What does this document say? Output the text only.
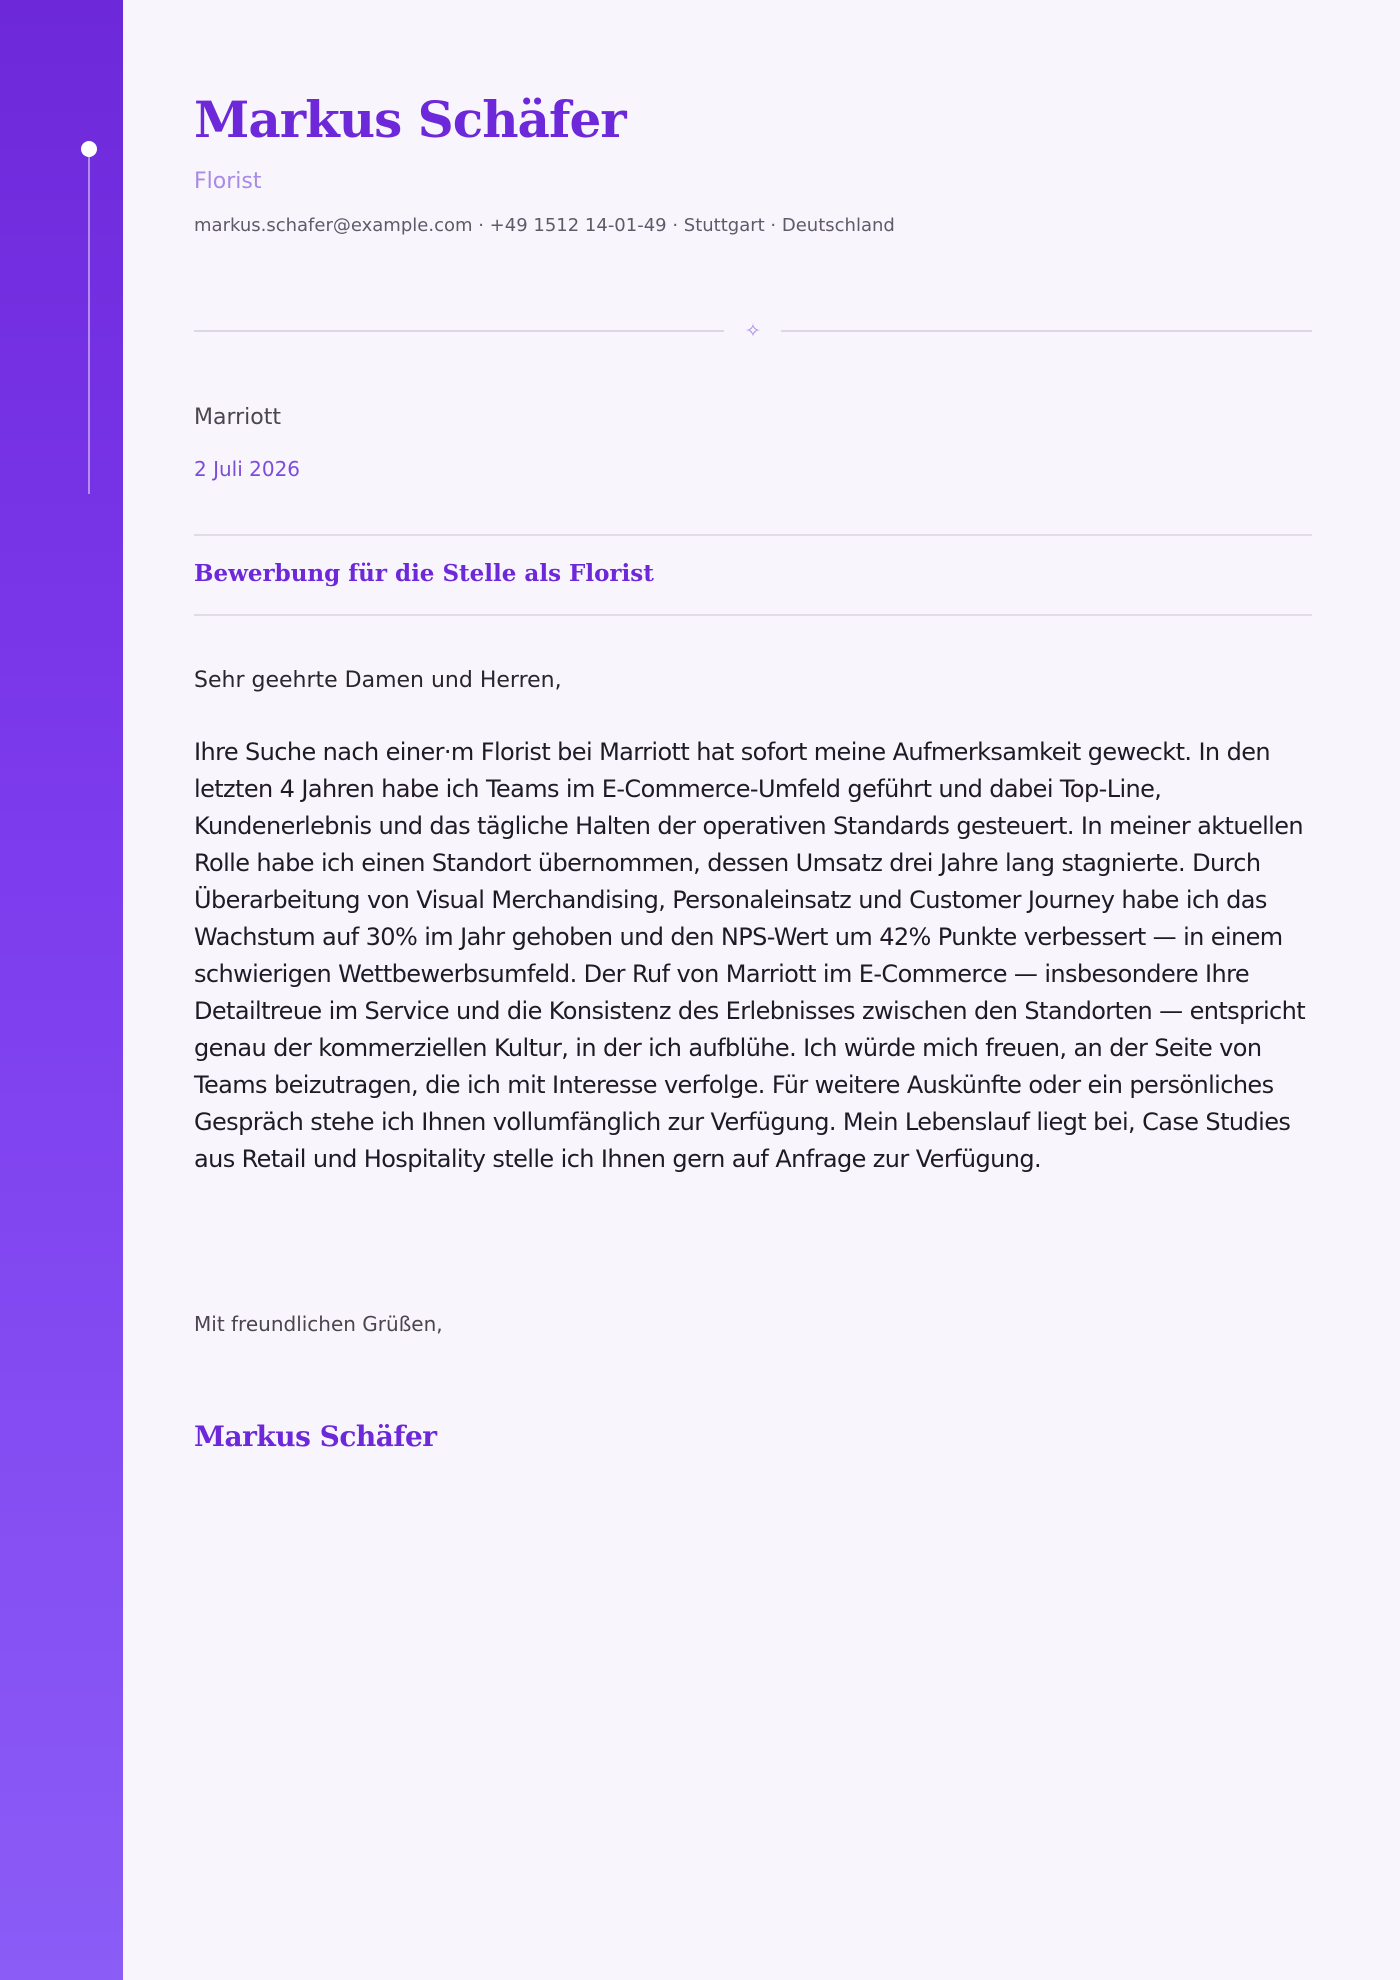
Markus Schäfer
Florist
markus.schafer@example.com · +49 1512 14-01-49 · Stuttgart · Deutschland
✧
Marriott
2 Juli 2026
Bewerbung für die Stelle als Florist
Sehr geehrte Damen und Herren,

Ihre Suche nach einer·m Florist bei Marriott hat sofort meine Aufmerksamkeit geweckt. In den letzten 4 Jahren habe ich Teams im E-Commerce-Umfeld geführt und dabei Top-Line, Kundenerlebnis und das tägliche Halten der operativen Standards gesteuert. In meiner aktuellen Rolle habe ich einen Standort übernommen, dessen Umsatz drei Jahre lang stagnierte. Durch Überarbeitung von Visual Merchandising, Personaleinsatz und Customer Journey habe ich das Wachstum auf 30% im Jahr gehoben und den NPS-Wert um 42% Punkte verbessert — in einem schwierigen Wettbewerbsumfeld. Der Ruf von Marriott im E-Commerce — insbesondere Ihre Detailtreue im Service und die Konsistenz des Erlebnisses zwischen den Standorten — entspricht genau der kommerziellen Kultur, in der ich aufblühe. Ich würde mich freuen, an der Seite von Teams beizutragen, die ich mit Interesse verfolge. Für weitere Auskünfte oder ein persönliches Gespräch stehe ich Ihnen vollumfänglich zur Verfügung. Mein Lebenslauf liegt bei, Case Studies aus Retail und Hospitality stelle ich Ihnen gern auf Anfrage zur Verfügung.

Mit freundlichen Grüßen,
Markus Schäfer
